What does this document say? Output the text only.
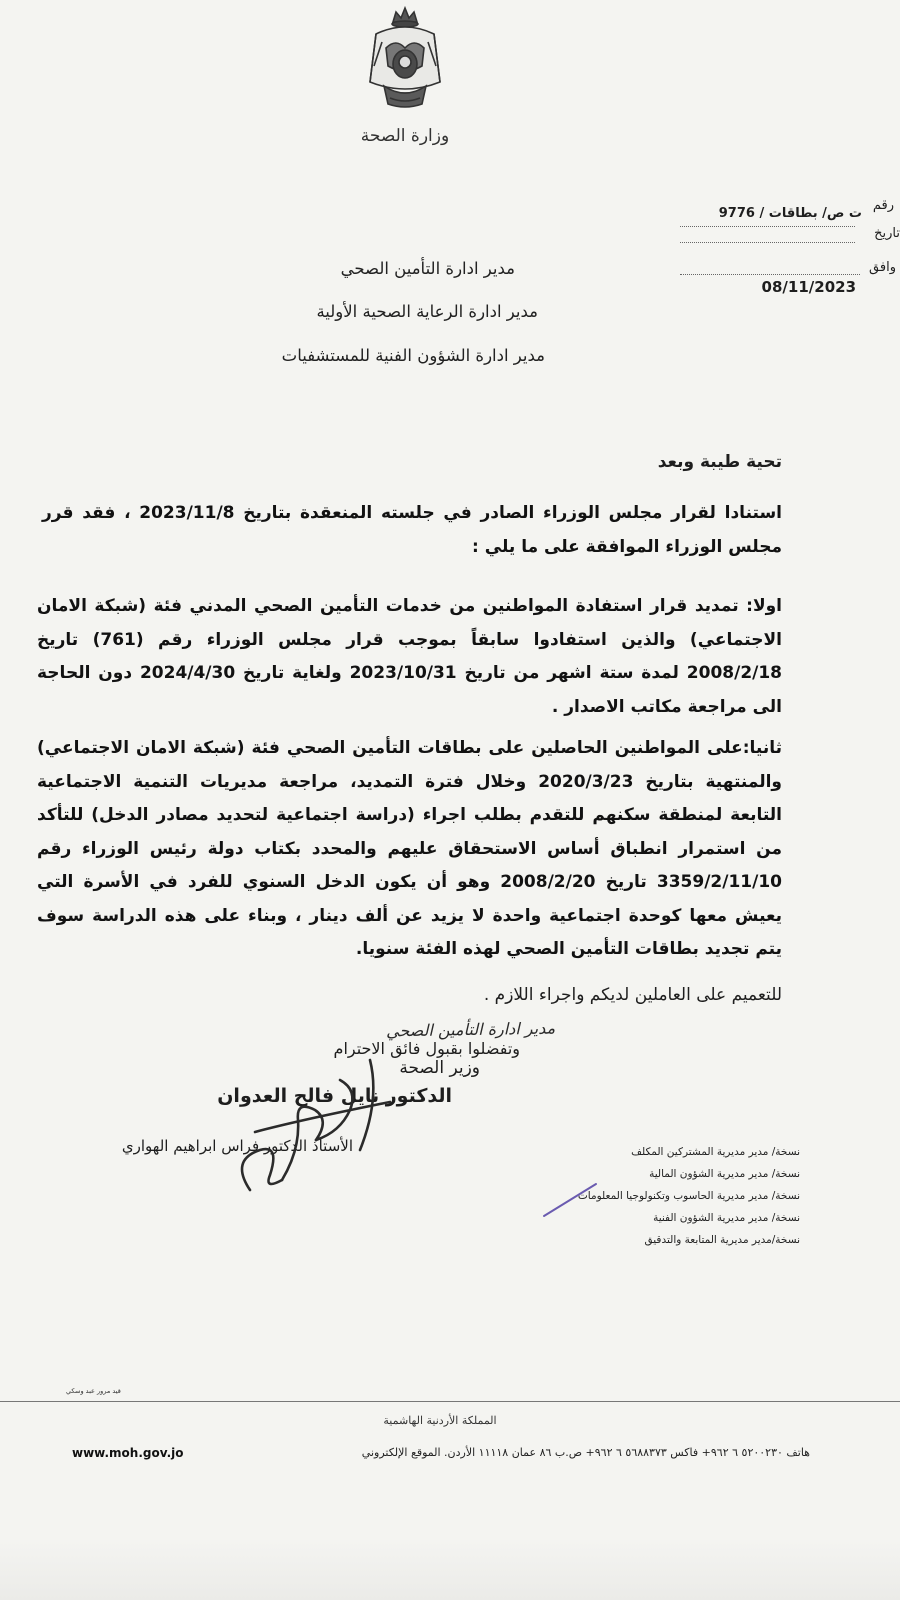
وزارة الصحة
رقم
ت ص/ بطاقات / 9776
تاريخ
وافق
08/11/2023
مدير ادارة التأمين الصحي
مدير ادارة الرعاية الصحية الأولية
مدير ادارة الشؤون الفنية للمستشفيات
تحية طيبة وبعد
استنادا لقرار مجلس الوزراء الصادر في جلسته المنعقدة بتاريخ 2023/11/8 ، فقد قرر مجلس الوزراء الموافقة على ما يلي :
اولا: تمديد قرار استفادة المواطنين من خدمات التأمين الصحي المدني فئة (شبكة الامان الاجتماعي) والذين استفادوا سابقاً بموجب قرار مجلس الوزراء رقم (761) تاريخ 2008/2/18 لمدة ستة اشهر من تاريخ 2023/10/31 ولغاية تاريخ 2024/4/30 دون الحاجة الى مراجعة مكاتب الاصدار .
ثانيا:على المواطنين الحاصلين على بطاقات التأمين الصحي فئة (شبكة الامان الاجتماعي) والمنتهية بتاريخ 2020/3/23 وخلال فترة التمديد، مراجعة مديريات التنمية الاجتماعية التابعة لمنطقة سكنهم للتقدم بطلب اجراء (دراسة اجتماعية لتحديد مصادر الدخل) للتأكد من استمرار انطباق أساس الاستحقاق عليهم والمحدد بكتاب دولة رئيس الوزراء رقم 3359/2/11/10 تاريخ 2008/2/20 وهو أن يكون الدخل السنوي للفرد في الأسرة التي يعيش معها كوحدة اجتماعية واحدة لا يزيد عن ألف دينار ، وبناء على هذه الدراسة سوف يتم تجديد بطاقات التأمين الصحي لهذه الفئة سنويا.
للتعميم على العاملين لديكم واجراء اللازم .
وتفضلوا بقبول فائق الاحترام
مدير ادارة التأمين الصحي
وزير الصحة
الدكتور نايل فالح العدوان
الأستاذ الدكتور فراس ابراهيم الهواري	نسخة/ مدير مديرية المشتركين المكلف
نسخة/ مدير مديرية الشؤون المالية
نسخة/ مدير مديرية الحاسوب وتكنولوجيا المعلومات
نسخة/ مدير مديرية الشؤون الفنية
نسخة/مدير مديرية المتابعة والتدقيق
قيد مرور عبد وسكي
المملكة الأردنية الهاشمية
هاتف ٥٢٠٠٢٣٠ ٦ ٩٦٢+ فاكس ٥٦٨٨٣٧٣ ٦ ٩٦٢+ ص.ب ٨٦ عمان ١١١١٨ الأردن. الموقع الإلكتروني
www.moh.gov.jo
